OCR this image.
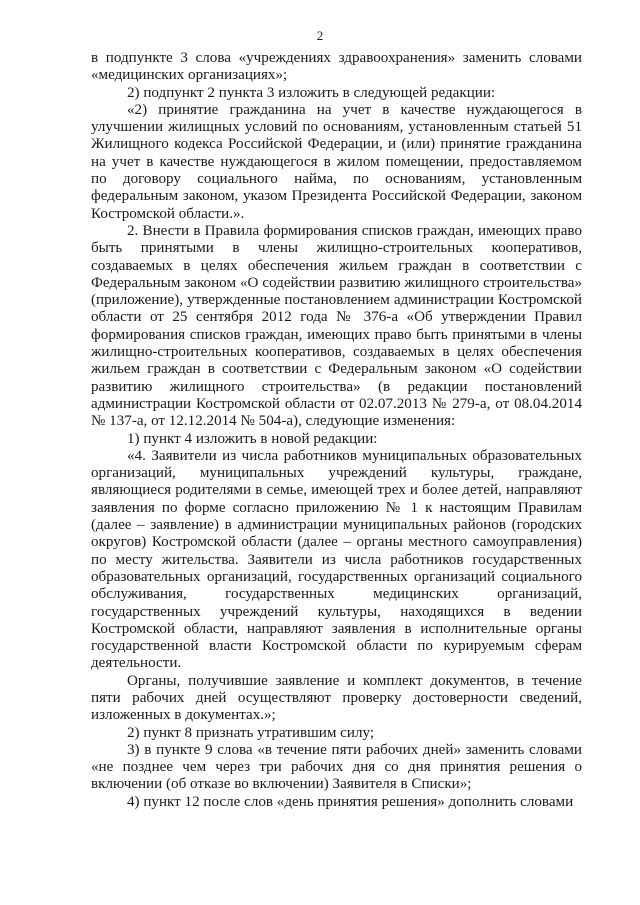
2

в подпункте 3 слова «учреждениях здравоохранения» заменить словами «медицинских организациях»;

2) подпункт 2 пункта 3 изложить в следующей редакции:

«2) принятие гражданина на учет в качестве нуждающегося в улучшении жилищных условий по основаниям, установленным статьей 51 Жилищного кодекса Российской Федерации, и (или) принятие гражданина на учет в качестве нуждающегося в жилом помещении, предоставляемом по договору социального найма, по основаниям, установленным федеральным законом, указом Президента Российской Федерации, законом Костромской области.».

2. Внести в Правила формирования списков граждан, имеющих право быть принятыми в члены жилищно-строительных кооперативов, создаваемых в целях обеспечения жильем граждан в соответствии с Федеральным законом «О содействии развитию жилищного строительства» (приложение), утвержденные постановлением администрации Костромской области от 25 сентября 2012 года № 376-а «Об утверждении Правил формирования списков граждан, имеющих право быть принятыми в члены жилищно-строительных кооперативов, создаваемых в целях обеспечения жильем граждан в соответствии с Федеральным законом «О содействии развитию жилищного строительства» (в редакции постановлений администрации Костромской области от 02.07.2013 № 279-а, от 08.04.2014 № 137-а, от 12.12.2014 № 504-а), следующие изменения:

1) пункт 4 изложить в новой редакции:

«4. Заявители из числа работников муниципальных образовательных организаций, муниципальных учреждений культуры, граждане, являющиеся родителями в семье, имеющей трех и более детей, направляют заявления по форме согласно приложению № 1 к настоящим Правилам (далее – заявление) в администрации муниципальных районов (городских округов) Костромской области (далее – органы местного самоуправления) по месту жительства. Заявители из числа работников государственных образовательных организаций, государственных организаций социального обслуживания, государственных медицинских организаций, государственных учреждений культуры, находящихся в ведении Костромской области, направляют заявления в исполнительные органы государственной власти Костромской области по курируемым сферам деятельности.

Органы, получившие заявление и комплект документов, в течение пяти рабочих дней осуществляют проверку достоверности сведений, изложенных в документах.»;

2) пункт 8 признать утратившим силу;

3) в пункте 9 слова «в течение пяти рабочих дней» заменить словами «не позднее чем через три рабочих дня со дня принятия решения о включении (об отказе во включении) Заявителя в Списки»;

4) пункт 12 после слов «день принятия решения» дополнить словами
